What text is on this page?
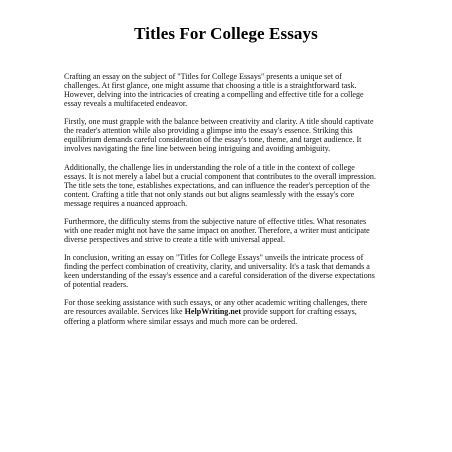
Titles For College Essays

Crafting an essay on the subject of "Titles for College Essays" presents a unique set of
challenges. At first glance, one might assume that choosing a title is a straightforward task.
However, delving into the intricacies of creating a compelling and effective title for a college
essay reveals a multifaceted endeavor.

Firstly, one must grapple with the balance between creativity and clarity. A title should captivate
the reader's attention while also providing a glimpse into the essay's essence. Striking this
equilibrium demands careful consideration of the essay's tone, theme, and target audience. It
involves navigating the fine line between being intriguing and avoiding ambiguity.

Additionally, the challenge lies in understanding the role of a title in the context of college
essays. It is not merely a label but a crucial component that contributes to the overall impression.
The title sets the tone, establishes expectations, and can influence the reader's perception of the
content. Crafting a title that not only stands out but aligns seamlessly with the essay's core
message requires a nuanced approach.

Furthermore, the difficulty stems from the subjective nature of effective titles. What resonates
with one reader might not have the same impact on another. Therefore, a writer must anticipate
diverse perspectives and strive to create a title with universal appeal.

In conclusion, writing an essay on "Titles for College Essays" unveils the intricate process of
finding the perfect combination of creativity, clarity, and universality. It's a task that demands a
keen understanding of the essay's essence and a careful consideration of the diverse expectations
of potential readers.

For those seeking assistance with such essays, or any other academic writing challenges, there
are resources available. Services like HelpWriting.net provide support for crafting essays,
offering a platform where similar essays and much more can be ordered.
